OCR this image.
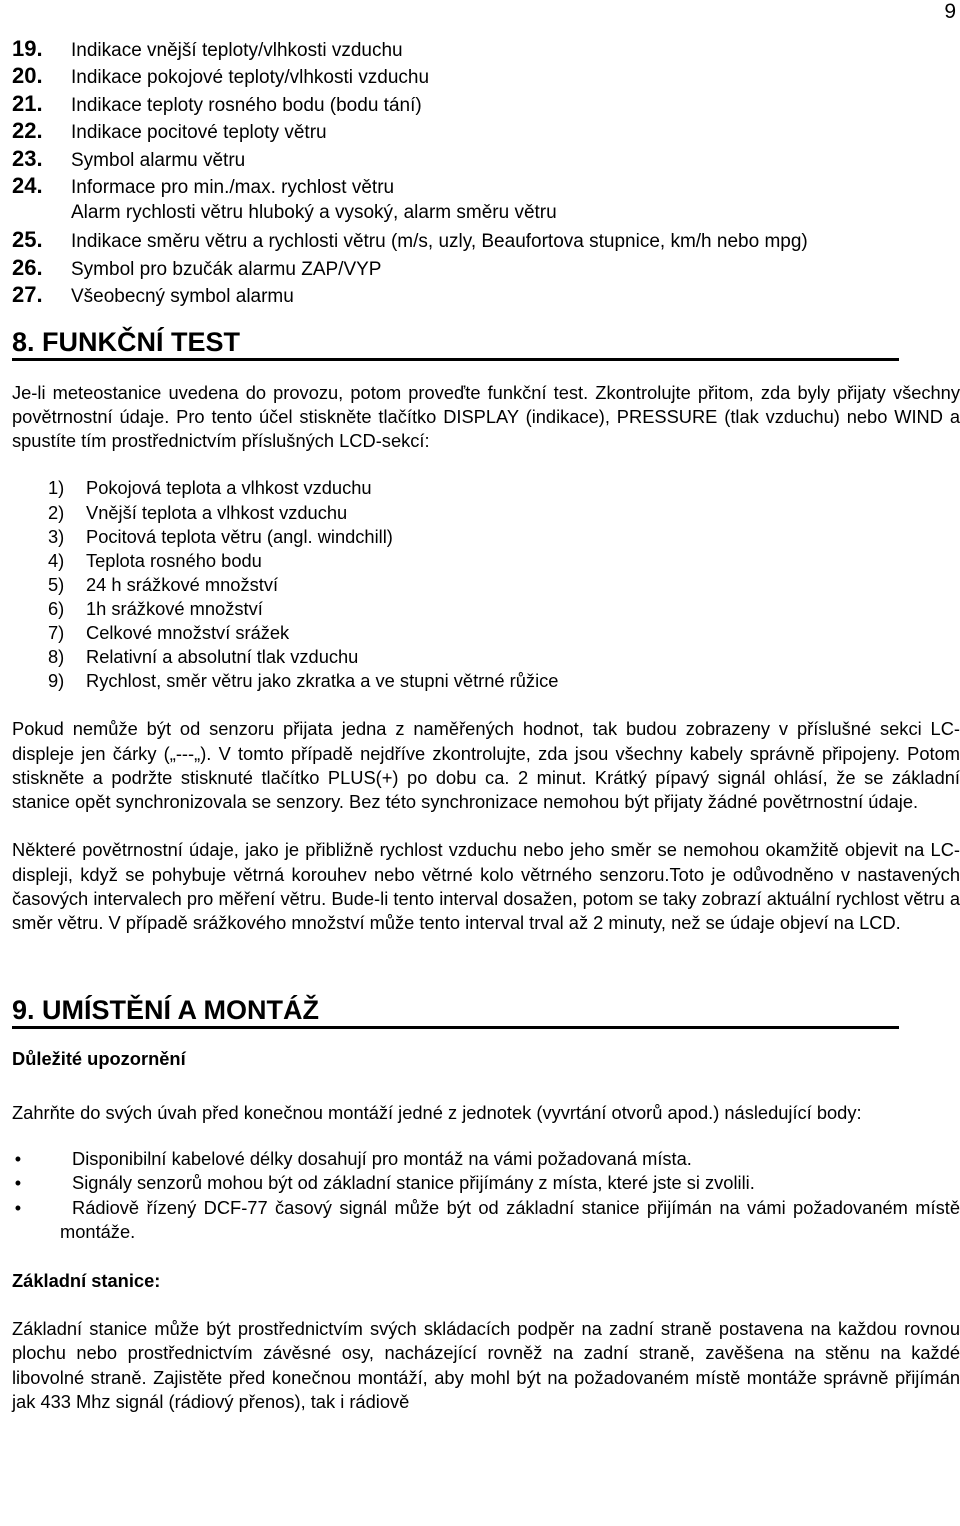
9
19.	Indikace vnější teploty/vlhkosti vzduchu
20.	Indikace pokojové teploty/vlhkosti vzduchu
21.	Indikace teploty rosného bodu (bodu tání)
22.	Indikace pocitové teploty větru
23.	Symbol alarmu větru
24.	Informace pro min./max. rychlost větru
Alarm rychlosti větru hluboký a vysoký, alarm směru větru
25.	Indikace směru větru a rychlosti větru (m/s, uzly, Beaufortova stupnice, km/h nebo mpg)
26.	Symbol pro bzučák alarmu ZAP/VYP
27.	Všeobecný symbol alarmu
8. FUNKČNÍ TEST

Je-li meteostanice uvedena do provozu, potom proveďte funkční test. Zkontrolujte přitom, zda byly přijaty všechny povětrnostní údaje. Pro tento účel stiskněte tlačítko DISPLAY (indikace), PRESSURE (tlak vzduchu) nebo WIND a spustíte tím prostřednictvím příslušných LCD-sekcí:

1)	Pokojová teplota a vlhkost vzduchu
2)	Vnější teplota a vlhkost vzduchu
3)	Pocitová teplota větru (angl. windchill)
4)	Teplota rosného bodu
5)	24 h srážkové množství
6)	1h srážkové množství
7)	Celkové množství srážek
8)	Relativní a absolutní tlak vzduchu
9)	Rychlost, směr větru jako zkratka a ve stupni větrné růžice

Pokud nemůže být od senzoru přijata jedna z naměřených hodnot, tak budou zobrazeny v příslušné sekci LC-displeje jen čárky („---„). V tomto případě nejdříve zkontrolujte, zda jsou všechny kabely správně připojeny. Potom stiskněte a podržte stisknuté tlačítko PLUS(+) po dobu ca. 2 minut. Krátký pípavý signál ohlásí, že se základní stanice opět synchronizovala se senzory. Bez této synchronizace nemohou být přijaty žádné povětrnostní údaje.

Některé povětrnostní údaje, jako je přibližně rychlost vzduchu nebo jeho směr se nemohou okamžitě objevit na LC-displeji, když se pohybuje větrná korouhev nebo větrné kolo větrného senzoru.Toto je odůvodněno v nastavených časových intervalech pro měření větru. Bude-li tento interval dosažen, potom se taky zobrazí aktuální rychlost větru a směr větru. V případě srážkového množství může tento interval trval až 2 minuty, než se údaje objeví na LCD.

9. UMÍSTĚNÍ A MONTÁŽ
Důležité upozornění

Zahrňte do svých úvah před konečnou montáží jedné z jednotek (vyvrtání otvorů apod.) následující body:

•	Disponibilní kabelové délky dosahují pro montáž na vámi požadovaná místa.
•	Signály senzorů mohou být od základní stanice přijímány z místa, které jste si zvolili.
•	Rádiově řízený DCF-77 časový signál může být od základní stanice přijímán na vámi požadovaném místě montáže.
Základní stanice:

Základní stanice může být prostřednictvím svých skládacích podpěr na zadní straně postavena na každou rovnou plochu nebo prostřednictvím závěsné osy, nacházející rovněž na zadní straně, zavěšena na stěnu na každé libovolné straně. Zajistěte před konečnou montáží, aby mohl být na požadovaném místě montáže správně přijímán jak 433 Mhz signál (rádiový přenos), tak i rádiově
